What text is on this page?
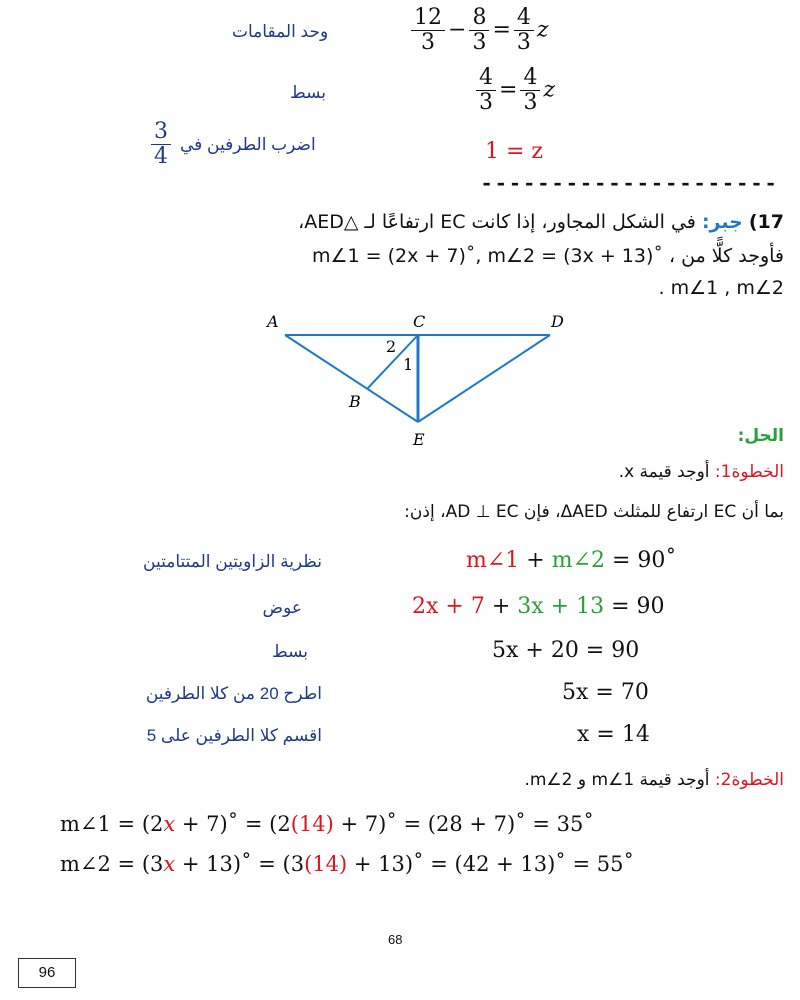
$\frac{12}{3} - \frac{8}{3} = \frac{4}{3}$ z
وحد المقامات
$\frac{4}{3} = \frac{4}{3}$ z
بسط
$\frac{3}{4}$ اضرب الطرفين في	1 = z
---------------------
17) جبر: في الشكل المجاور، إذا كانت EC ارتفاعًا لـ △AED،
m∠1 = (2x + 7)˚, m∠2 = (3x + 13)˚ ، فأوجد كلًّا من
. m∠1 , m∠2
A	C	D
B
E
2
1
الحل:
الخطوة1: أوجد قيمة x.
بما أن EC ارتفاع للمثلث ΔAED، فإن AD ⊥ EC، إذن:
m∠1 + m∠2 = 90˚
نظرية الزاويتين المتتامتين
2x + 7 + 3x + 13 = 90
عوض
5x + 20 = 90
بسط
5x = 70
اطرح 20 من كلا الطرفين
x = 14
اقسم كلا الطرفين على 5
الخطوة2: أوجد قيمة m∠1 و m∠2.
m∠1 = (2x + 7)˚ = (2(14) + 7)˚ = (28 + 7)˚ = 35˚
m∠2 = (3x + 13)˚ = (3(14) + 13)˚ = (42 + 13)˚ = 55˚
68
96
